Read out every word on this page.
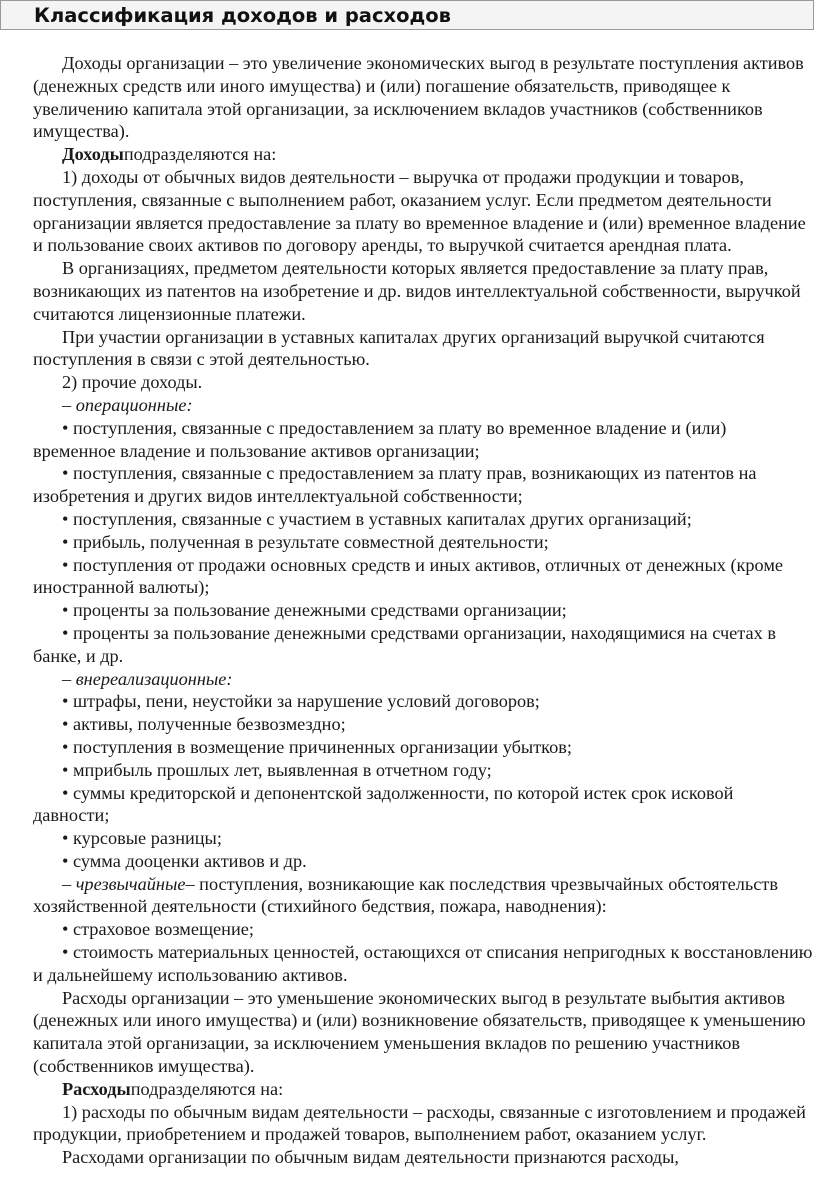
Классификация доходов и расходов

Доходы организации – это увеличение экономических выгод в результате поступления активов (денежных средств или иного имущества) и (или) погашение обязательств, приводящее к увеличению капитала этой организации, за исключением вкладов участников (собственников имущества).

Доходыподразделяются на:

1) доходы от обычных видов деятельности – выручка от продажи продукции и товаров, поступления, связанные с выполнением работ, оказанием услуг. Если предметом деятельности организации является предоставление за плату во временное владение и (или) временное владение и пользование своих активов по договору аренды, то выручкой считается арендная плата.

В организациях, предметом деятельности которых является предоставление за плату прав, возникающих из патентов на изобретение и др. видов интеллектуальной собственности, выручкой считаются лицензионные платежи.

При участии организации в уставных капиталах других организаций выручкой считаются поступления в связи с этой деятельностью.

2) прочие доходы.

– операционные:

• поступления, связанные с предоставлением за плату во временное владение и (или) временное владение и пользование активов организации;

• поступления, связанные с предоставлением за плату прав, возникающих из патентов на изобретения и других видов интеллектуальной собственности;

• поступления, связанные с участием в уставных капиталах других организаций;

• прибыль, полученная в результате совместной деятельности;

• поступления от продажи основных средств и иных активов, отличных от денежных (кроме иностранной валюты);

• проценты за пользование денежными средствами организации;

• проценты за пользование денежными средствами организации, находящимися на счетах в банке, и др.

– внереализационные:

• штрафы, пени, неустойки за нарушение условий договоров;

• активы, полученные безвозмездно;

• поступления в возмещение причиненных организации убытков;

• мприбыль прошлых лет, выявленная в отчетном году;

• суммы кредиторской и депонентской задолженности, по которой истек срок исковой давности;

• курсовые разницы;

• сумма дооценки активов и др.

– чрезвычайные– поступления, возникающие как последствия чрезвычайных обстоятельств хозяйственной деятельности (стихийного бедствия, пожара, наводнения):

• страховое возмещение;

• стоимость материальных ценностей, остающихся от списания непригодных к восстановлению и дальнейшему использованию активов.

Расходы организации – это уменьшение экономических выгод в результате выбытия активов (денежных или иного имущества) и (или) возникновение обязательств, приводящее к уменьшению капитала этой организации, за исключением уменьшения вкладов по решению участников (собственников имущества).

Расходыподразделяются на:

1) расходы по обычным видам деятельности – расходы, связанные с изготовлением и продажей продукции, приобретением и продажей товаров, выполнением работ, оказанием услуг.

Расходами организации по обычным видам деятельности признаются расходы,
